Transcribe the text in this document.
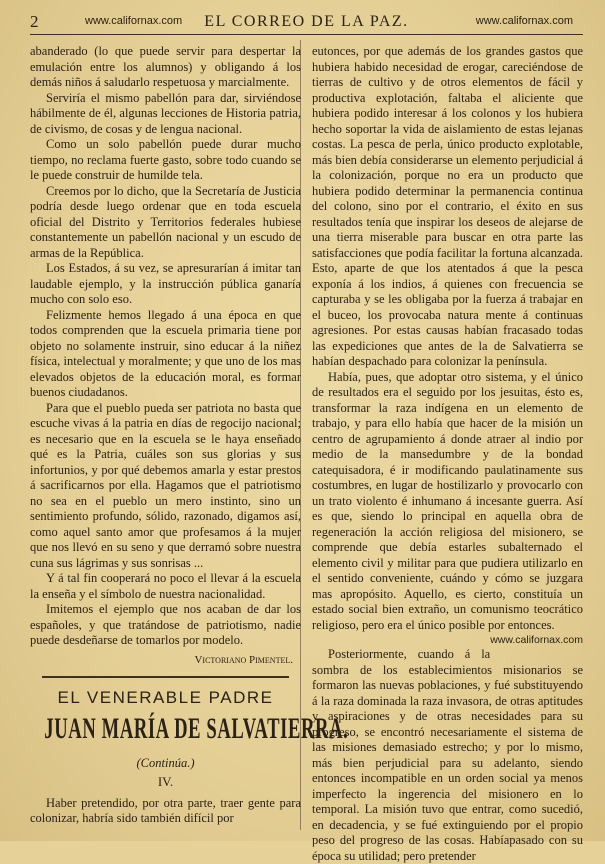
2	www.californax.com	EL CORREO DE LA PAZ.	www.californax.com

abanderado (lo que puede servir para despertar la emulación entre los alumnos) y obligando á los demás niños á saludarlo respetuosa y marcialmente.

Serviría el mismo pabellón para dar, sirviéndose hábilmente de él, algunas lecciones de Historia patria, de civismo, de cosas y de lengua nacional.

Como un solo pabellón puede durar mucho tiempo, no reclama fuerte gasto, sobre todo cuando se le puede construir de humilde tela.

Creemos por lo dicho, que la Secretaría de Justicia podría desde luego ordenar que en toda escuela oficial del Distrito y Territorios federales hubiese constantemente un pabellón nacional y un escudo de armas de la República.

Los Estados, á su vez, se apresurarían á imitar tan laudable ejemplo, y la instrucción pública ganaría mucho con solo eso.

Felizmente hemos llegado á una época en que todos comprenden que la escuela primaria tiene por objeto no solamente instruir, sino educar á la niñez física, intelectual y moralmente; y que uno de los mas elevados objetos de la educación moral, es formar buenos ciudadanos.

Para que el pueblo pueda ser patriota no basta que escuche vivas á la patria en días de regocijo nacional; es necesario que en la escuela se le haya enseñado qué es la Patria, cuáles son sus glorias y sus infortunios, y por qué debemos amarla y estar prestos á sacrificarnos por ella. Hagamos que el patriotismo no sea en el pueblo un mero instinto, sino un sentimiento profundo, sólido, razonado, digamos así, como aquel santo amor que profesamos á la mujer que nos llevó en su seno y que derramó sobre nuestra cuna sus lágrimas y sus sonrisas ...

Y á tal fin cooperará no poco el llevar á la escuela la enseña y el símbolo de nuestra nacionalidad.

Imitemos el ejemplo que nos acaban de dar los españoles, y que tratándose de patriotismo, nadie puede desdeñarse de tomarlos por modelo.

Victoriano Pimentel.
EL VENERABLE PADRE
JUAN MARÍA DE SALVATIERRA.
(Continúa.)
IV.

Haber pretendido, por otra parte, traer gente para colonizar, habría sido también difícil por

eutonces, por que además de los grandes gastos que hubiera habido necesidad de erogar, careciéndose de tierras de cultivo y de otros elementos de fácil y productiva explotación, faltaba el aliciente que hubiera podido interesar á los colonos y los hubiera hecho soportar la vida de aislamiento de estas lejanas costas. La pesca de perla, único producto explotable, más bien debía considerarse un elemento perjudicial á la colonización, porque no era un producto que hubiera podido determinar la permanencia continua del colono, sino por el contrario, el éxito en sus resultados tenía que inspirar los deseos de alejarse de una tierra miserable para buscar en otra parte las satisfacciones que podía facilitar la fortuna alcanzada. Esto, aparte de que los atentados á que la pesca exponía á los indios, á quienes con frecuencia se capturaba y se les obligaba por la fuerza á trabajar en el buceo, los provocaba natura mente á continuas agresiones. Por estas causas habían fracasado todas las expediciones que antes de la de Salvatierra se habían despachado para colonizar la península.

Había, pues, que adoptar otro sistema, y el único de resultados era el seguido por los jesuitas, ésto es, transformar la raza indígena en un elemento de trabajo, y para ello había que hacer de la misión un centro de agrupamiento á donde atraer al indio por medio de la mansedumbre y de la bondad catequisadora, é ir modificando paulatinamente sus costumbres, en lugar de hostilizarlo y provocarlo con un trato violento é inhumano á incesante guerra. Así es que, siendo lo principal en aquella obra de regeneración la acción religiosa del misionero, se comprende que debía estarles subalternado el elemento civil y militar para que pudiera utilizarlo en el sentido conveniente, cuándo y cómo se juzgara mas apropósito. Aquello, es cierto, constituía un estado social bien extraño, un comunismo teocrático religioso, pero era el único posible por entonces.

www.californax.com

Posteriormente, cuando á la sombra de los establecimientos misionarios se formaron las nuevas poblaciones, y fué substituyendo á la raza dominada la raza invasora, de otras aptitudes y aspiraciones y de otras necesidades para su progreso, se encontró necesariamente el sistema de las misiones demasiado estrecho; y por lo mismo, más bien perjudicial para su adelanto, siendo entonces incompatible en un orden social ya menos imperfecto la ingerencia del misionero en lo temporal. La misión tuvo que entrar, como sucedió, en decadencia, y se fué extinguiendo por el propio peso del progreso de las cosas. Habíapasado con su época su utilidad; pero pretender
